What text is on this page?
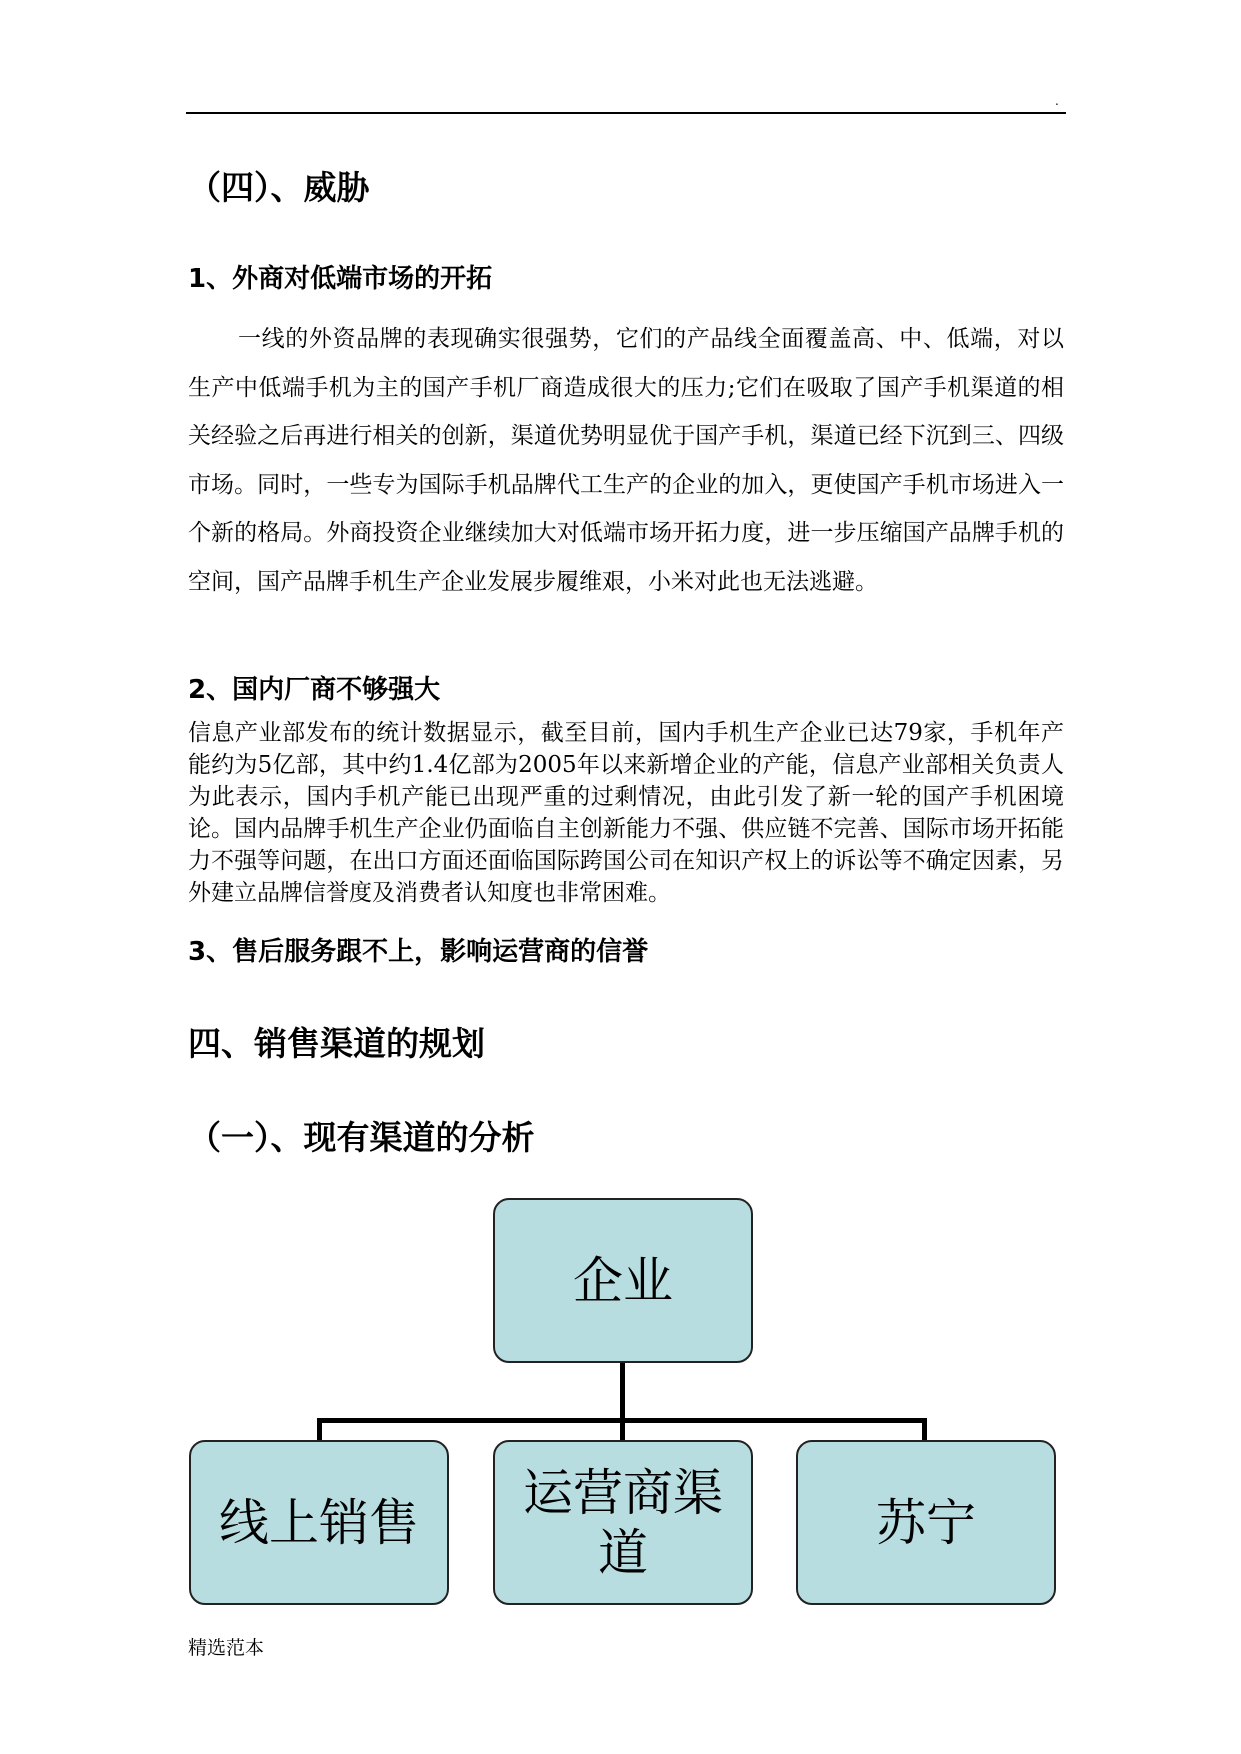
.
（四）、威胁
1、外商对低端市场的开拓
一线的外资品牌的表现确实很强势，它们的产品线全面覆盖高、中、低端，对以生产中低端手机为主的国产手机厂商造成很大的压力;它们在吸取了国产手机渠道的相关经验之后再进行相关的创新，渠道优势明显优于国产手机，渠道已经下沉到三、四级市场。同时，一些专为国际手机品牌代工生产的企业的加入，更使国产手机市场进入一个新的格局。外商投资企业继续加大对低端市场开拓力度，进一步压缩国产品牌手机的空间，国产品牌手机生产企业发展步履维艰，小米对此也无法逃避。
2、国内厂商不够强大
信息产业部发布的统计数据显示，截至目前，国内手机生产企业已达79家，手机年产能约为5亿部，其中约1.4亿部为2005年以来新增企业的产能，信息产业部相关负责人为此表示，国内手机产能已出现严重的过剩情况，由此引发了新一轮的国产手机困境论。国内品牌手机生产企业仍面临自主创新能力不强、供应链不完善、国际市场开拓能力不强等问题，在出口方面还面临国际跨国公司在知识产权上的诉讼等不确定因素，另外建立品牌信誉度及消费者认知度也非常困难。
3、售后服务跟不上，影响运营商的信誉
四、销售渠道的规划
（一）、现有渠道的分析
企业
线上销售
运营商渠道
苏宁
精选范本
